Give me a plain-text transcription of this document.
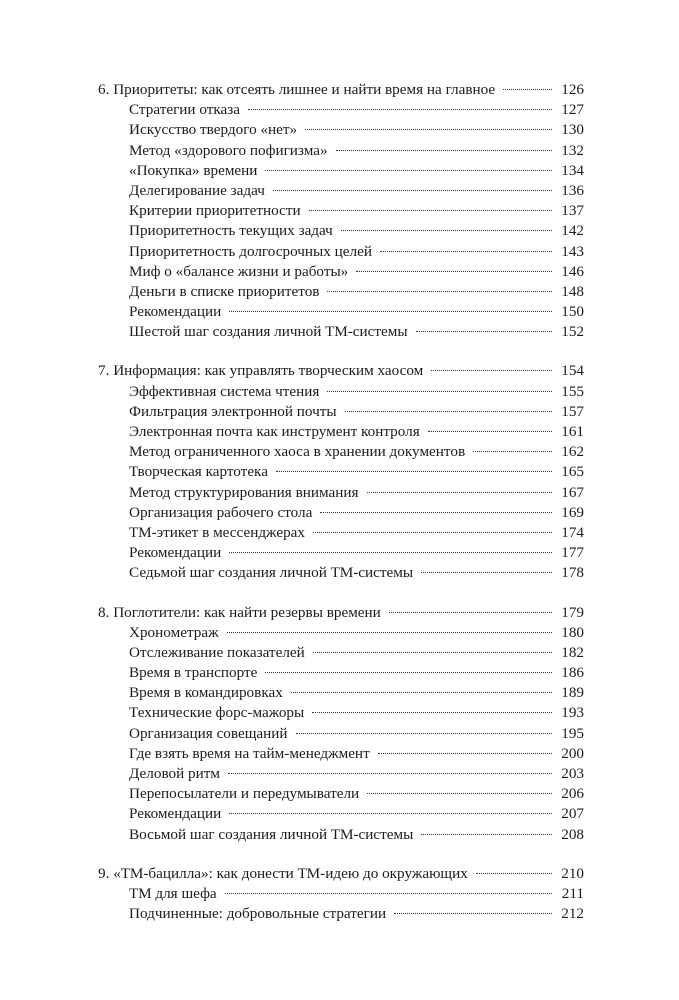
6. Приоритеты: как отсеять лишнее и найти время на главное	126
Стратегии отказа	127
Искусство твердого «нет»	130
Метод «здорового пофигизма»	132
«Покупка» времени	134
Делегирование задач	136
Критерии приоритетности	137
Приоритетность текущих задач	142
Приоритетность долгосрочных целей	143
Миф о «балансе жизни и работы»	146
Деньги в списке приоритетов	148
Рекомендации	150
Шестой шаг создания личной ТМ-системы	152
7. Информация: как управлять творческим хаосом	154
Эффективная система чтения	155
Фильтрация электронной почты	157
Электронная почта как инструмент контроля	161
Метод ограниченного хаоса в хранении документов	162
Творческая картотека	165
Метод структурирования внимания	167
Организация рабочего стола	169
ТМ-этикет в мессенджерах	174
Рекомендации	177
Седьмой шаг создания личной ТМ-системы	178
8. Поглотители: как найти резервы времени	179
Хронометраж	180
Отслеживание показателей	182
Время в транспорте	186
Время в командировках	189
Технические форс-мажоры	193
Организация совещаний	195
Где взять время на тайм-менеджмент	200
Деловой ритм	203
Перепосылатели и передумыватели	206
Рекомендации	207
Восьмой шаг создания личной ТМ-системы	208
9. «ТМ-бацилла»: как донести ТМ-идею до окружающих	210
ТМ для шефа	211
Подчиненные: добровольные стратегии	212
